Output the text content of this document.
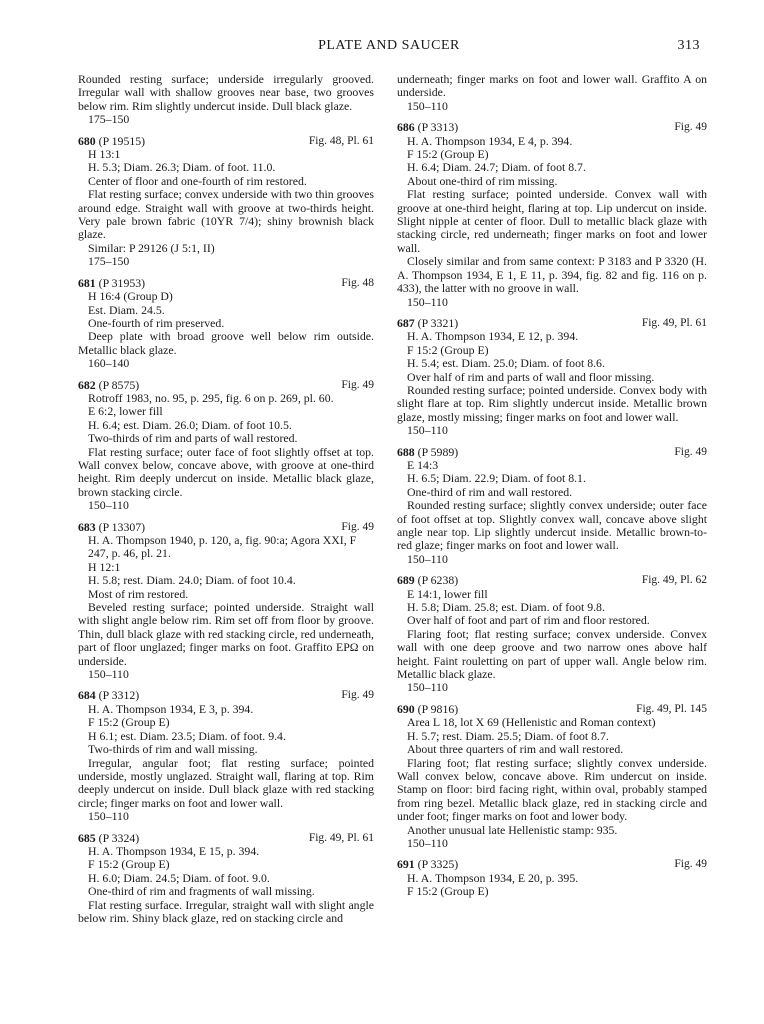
PLATE AND SAUCER	313

Rounded resting surface; underside irregularly grooved. Irregular wall with shallow grooves near base, two grooves below rim. Rim slightly undercut inside. Dull black glaze.

175–150

680 (P 19515)	Fig. 48, Pl. 61

H 13:1

H. 5.3; Diam. 26.3; Diam. of foot. 11.0.

Center of floor and one-fourth of rim restored.

Flat resting surface; convex underside with two thin grooves around edge. Straight wall with groove at two-thirds height. Very pale brown fabric (10YR 7/4); shiny brownish black glaze.

Similar: P 29126 (J 5:1, II)

175–150

681 (P 31953)	Fig. 48

H 16:4 (Group D)

Est. Diam. 24.5.

One-fourth of rim preserved.

Deep plate with broad groove well below rim outside. Metallic black glaze.

160–140

682 (P 8575)	Fig. 49

Rotroff 1983, no. 95, p. 295, fig. 6 on p. 269, pl. 60.

E 6:2, lower fill

H. 6.4; est. Diam. 26.0; Diam. of foot 10.5.

Two-thirds of rim and parts of wall restored.

Flat resting surface; outer face of foot slightly offset at top. Wall convex below, concave above, with groove at one-third height. Rim deeply undercut on inside. Metallic black glaze, brown stacking circle.

150–110

683 (P 13307)	Fig. 49

H. A. Thompson 1940, p. 120, a, fig. 90:a; Agora XXI, F 247, p. 46, pl. 21.

H 12:1

H. 5.8; rest. Diam. 24.0; Diam. of foot 10.4.

Most of rim restored.

Beveled resting surface; pointed underside. Straight wall with slight angle below rim. Rim set off from floor by groove. Thin, dull black glaze with red stacking circle, red underneath, part of floor unglazed; finger marks on foot. Graffito EPΩ on underside.

150–110

684 (P 3312)	Fig. 49

H. A. Thompson 1934, E 3, p. 394.

F 15:2 (Group E)

H 6.1; est. Diam. 23.5; Diam. of foot. 9.4.

Two-thirds of rim and wall missing.

Irregular, angular foot; flat resting surface; pointed underside, mostly unglazed. Straight wall, flaring at top. Rim deeply undercut on inside. Dull black glaze with red stacking circle; finger marks on foot and lower wall.

150–110

685 (P 3324)	Fig. 49, Pl. 61

H. A. Thompson 1934, E 15, p. 394.

F 15:2 (Group E)

H. 6.0; Diam. 24.5; Diam. of foot. 9.0.

One-third of rim and fragments of wall missing.

Flat resting surface. Irregular, straight wall with slight angle below rim. Shiny black glaze, red on stacking circle and

underneath; finger marks on foot and lower wall. Graffito A on underside.

150–110

686 (P 3313)	Fig. 49

H. A. Thompson 1934, E 4, p. 394.

F 15:2 (Group E)

H. 6.4; Diam. 24.7; Diam. of foot 8.7.

About one-third of rim missing.

Flat resting surface; pointed underside. Convex wall with groove at one-third height, flaring at top. Lip undercut on inside. Slight nipple at center of floor. Dull to metallic black glaze with stacking circle, red underneath; finger marks on foot and lower wall.

Closely similar and from same context: P 3183 and P 3320 (H. A. Thompson 1934, E 1, E 11, p. 394, fig. 82 and fig. 116 on p. 433), the latter with no groove in wall.

150–110

687 (P 3321)	Fig. 49, Pl. 61

H. A. Thompson 1934, E 12, p. 394.

F 15:2 (Group E)

H. 5.4; est. Diam. 25.0; Diam. of foot 8.6.

Over half of rim and parts of wall and floor missing.

Rounded resting surface; pointed underside. Convex body with slight flare at top. Rim slightly undercut inside. Metallic brown glaze, mostly missing; finger marks on foot and lower wall.

150–110

688 (P 5989)	Fig. 49

E 14:3

H. 6.5; Diam. 22.9; Diam. of foot 8.1.

One-third of rim and wall restored.

Rounded resting surface; slightly convex underside; outer face of foot offset at top. Slightly convex wall, concave above slight angle near top. Lip slightly undercut inside. Metallic brown-to-red glaze; finger marks on foot and lower wall.

150–110

689 (P 6238)	Fig. 49, Pl. 62

E 14:1, lower fill

H. 5.8; Diam. 25.8; est. Diam. of foot 9.8.

Over half of foot and part of rim and floor restored.

Flaring foot; flat resting surface; convex underside. Convex wall with one deep groove and two narrow ones above half height. Faint rouletting on part of upper wall. Angle below rim. Metallic black glaze.

150–110

690 (P 9816)	Fig. 49, Pl. 145

Area L 18, lot X 69 (Hellenistic and Roman context)

H. 5.7; rest. Diam. 25.5; Diam. of foot 8.7.

About three quarters of rim and wall restored.

Flaring foot; flat resting surface; slightly convex underside. Wall convex below, concave above. Rim undercut on inside. Stamp on floor: bird facing right, within oval, probably stamped from ring bezel. Metallic black glaze, red in stacking circle and under foot; finger marks on foot and lower body.

Another unusual late Hellenistic stamp: 935.

150–110

691 (P 3325)	Fig. 49

H. A. Thompson 1934, E 20, p. 395.

F 15:2 (Group E)
